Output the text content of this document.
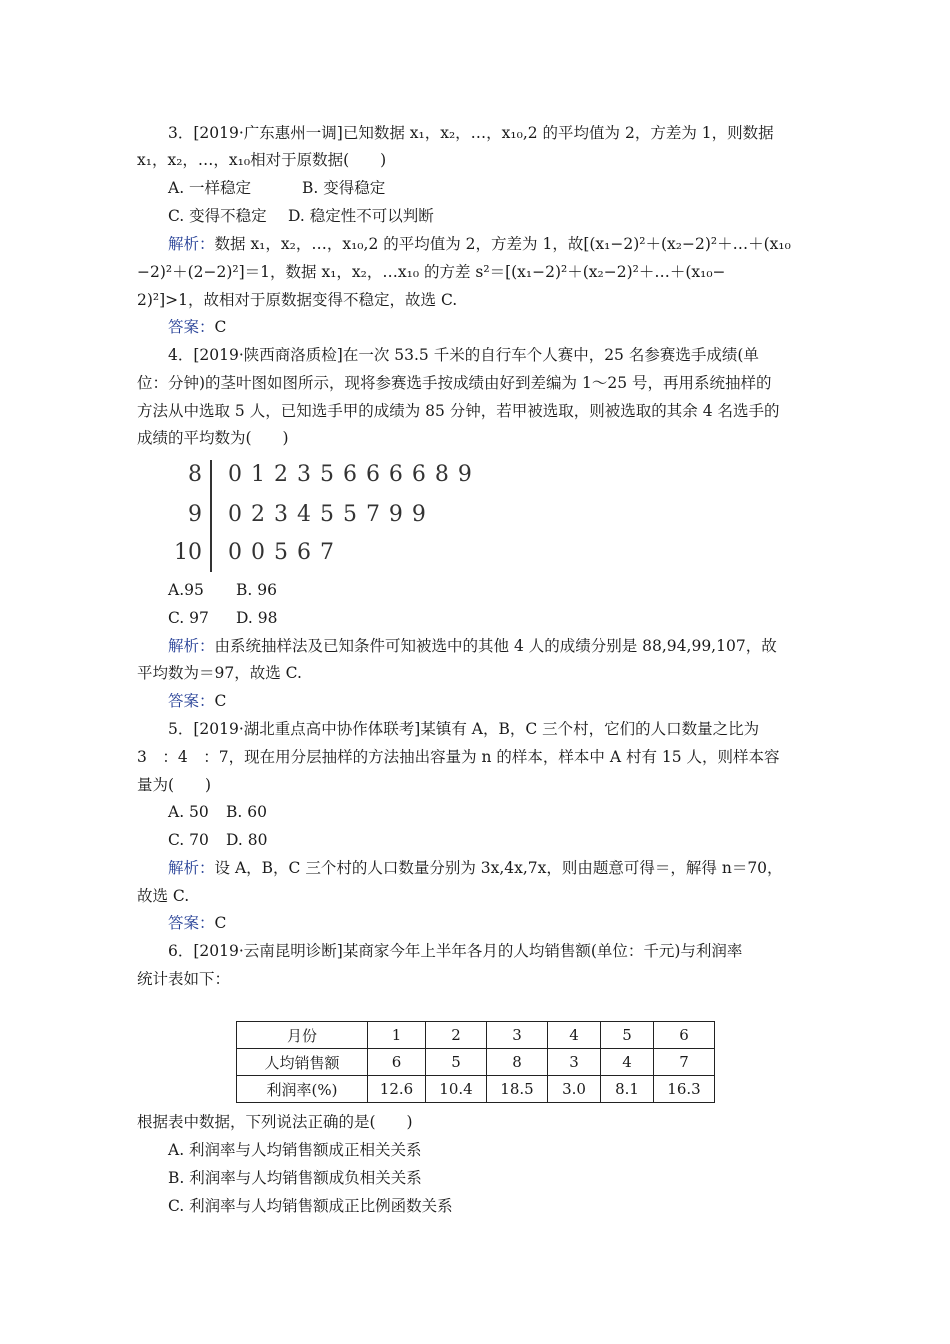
3．[2019·广东惠州一调]已知数据 x₁，x₂，…，x₁₀,2 的平均值为 2，方差为 1，则数据
x₁，x₂，…，x₁₀相对于原数据(　　)
A. 一样稳定	B. 变得稳定
C. 变得不稳定 D. 稳定性不可以判断
解析：数据 x₁，x₂，…，x₁₀,2 的平均值为 2，方差为 1，故[(x₁−2)²＋(x₂−2)²＋…＋(x₁₀
−2)²＋(2−2)²]＝1，数据 x₁，x₂，…x₁₀ 的方差 s²＝[(x₁−2)²＋(x₂−2)²＋…＋(x₁₀−
2)²]>1，故相对于原数据变得不稳定，故选 C.
答案：C
4．[2019·陕西商洛质检]在一次 53.5 千米的自行车个人赛中，25 名参赛选手成绩(单
位：分钟)的茎叶图如图所示，现将参赛选手按成绩由好到差编为 1～25 号，再用系统抽样的
方法从中选取 5 人，已知选手甲的成绩为 85 分钟，若甲被选取，则被选取的其余 4 名选手的
成绩的平均数为(　　)
8 0 1 2 3 5 6 6 6 6 8 9
9 0 2 3 4 5 5 7 9 9
10 0 0 5 6 7
A.95 B. 96
C. 97 D. 98
解析：由系统抽样法及已知条件可知被选中的其他 4 人的成绩分别是 88,94,99,107，故
平均数为＝97，故选 C.
答案：C
5．[2019·湖北重点高中协作体联考]某镇有 A，B，C 三个村，它们的人口数量之比为
3　：4　：7，现在用分层抽样的方法抽出容量为 n 的样本，样本中 A 村有 15 人，则样本容
量为(　　)
A. 50 B. 60
C. 70 D. 80
解析：设 A，B，C 三个村的人口数量分别为 3x,4x,7x，则由题意可得＝，解得 n＝70，
故选 C.
答案：C
6．[2019·云南昆明诊断]某商家今年上半年各月的人均销售额(单位：千元)与利润率
统计表如下：
月份	1	2	3	4	5	6
人均销售额	6	5	8	3	4	7
利润率(%)	12.6	10.4	18.5	3.0	8.1	16.3
根据表中数据，下列说法正确的是(　　)
A. 利润率与人均销售额成正相关关系
B. 利润率与人均销售额成负相关关系
C. 利润率与人均销售额成正比例函数关系
